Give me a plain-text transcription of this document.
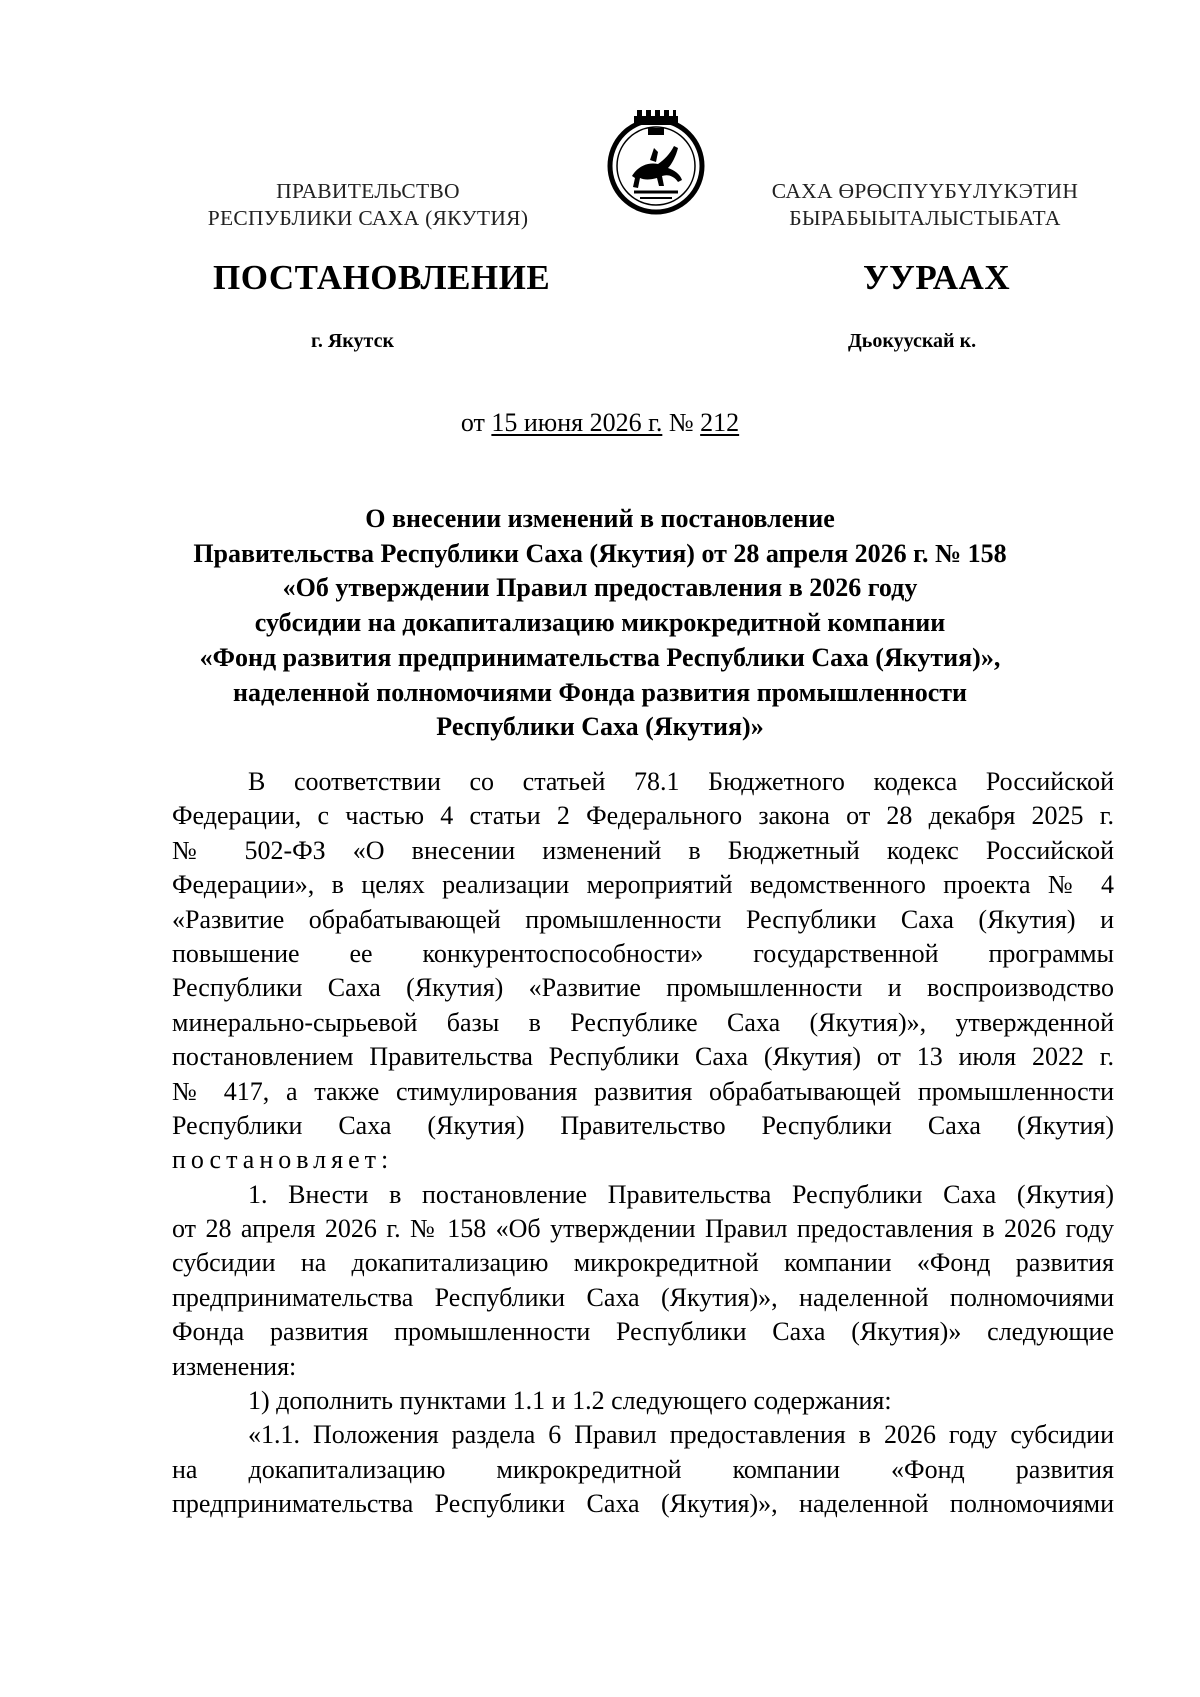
ПРАВИТЕЛЬСТВО
РЕСПУБЛИКИ САХА (ЯКУТИЯ)
САХА ӨРӨСПҮҮБҮЛҮКЭТИН
БЫРАБЫЫТАЛЫСТЫБАТА
ПОСТАНОВЛЕНИЕ	УУРААХ
г. Якутск	Дьокуускай к.
от 15 июня 2026 г. № 212
О внесении изменений в постановление
Правительства Республики Саха (Якутия) от 28 апреля 2026 г. № 158
«Об утверждении Правил предоставления в 2026 году
субсидии на докапитализацию микрокредитной компании
«Фонд развития предпринимательства Республики Саха (Якутия)»,
наделенной полномочиями Фонда развития промышленности
Республики Саха (Якутия)»
В соответствии со статьей 78.1 Бюджетного кодекса Российской
Федерации, с частью 4 статьи 2 Федерального закона от 28 декабря 2025 г.
№ 502-ФЗ «О внесении изменений в Бюджетный кодекс Российской
Федерации», в целях реализации мероприятий ведомственного проекта № 4
«Развитие обрабатывающей промышленности Республики Саха (Якутия) и
повышение ее конкурентоспособности» государственной программы
Республики Саха (Якутия) «Развитие промышленности и воспроизводство
минерально-сырьевой базы в Республике Саха (Якутия)», утвержденной
постановлением Правительства Республики Саха (Якутия) от 13 июля 2022 г.
№ 417, а также стимулирования развития обрабатывающей промышленности
Республики Саха (Якутия) Правительство Республики Саха (Якутия)
постановляет:
1. Внести в постановление Правительства Республики Саха (Якутия)
от 28 апреля 2026 г. № 158 «Об утверждении Правил предоставления в 2026 году
субсидии на докапитализацию микрокредитной компании «Фонд развития
предпринимательства Республики Саха (Якутия)», наделенной полномочиями
Фонда развития промышленности Республики Саха (Якутия)» следующие
изменения:
1) дополнить пунктами 1.1 и 1.2 следующего содержания:
«1.1. Положения раздела 6 Правил предоставления в 2026 году субсидии
на докапитализацию микрокредитной компании «Фонд развития
предпринимательства Республики Саха (Якутия)», наделенной полномочиями
